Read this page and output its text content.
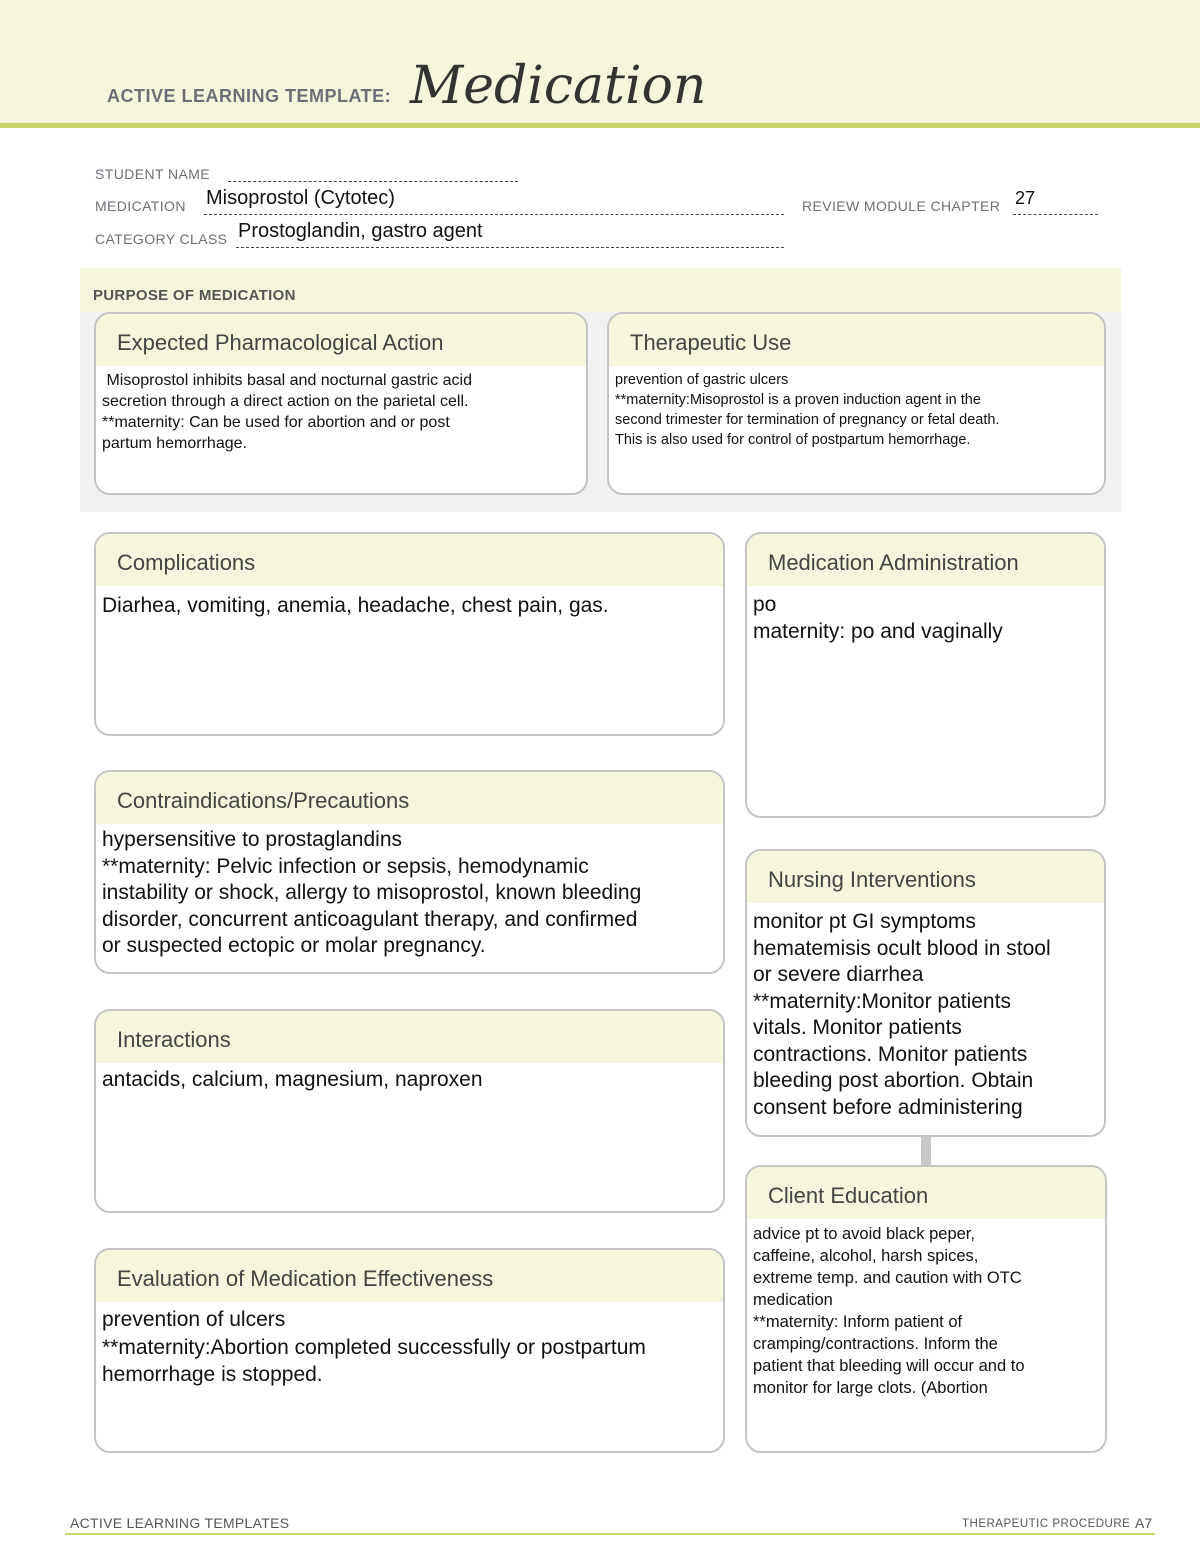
ACTIVE LEARNING TEMPLATE: Medication
STUDENT NAME
MEDICATION Misoprostol (Cytotec)	REVIEW MODULE CHAPTER 27
CATEGORY CLASS Prostoglandin, gastro agent
PURPOSE OF MEDICATION
Expected Pharmacological Action
Misoprostol inhibits basal and nocturnal gastric acid
secretion through a direct action on the parietal cell.
**maternity: Can be used for abortion and or post
partum hemorrhage.
Therapeutic Use
prevention of gastric ulcers
**maternity:Misoprostol is a proven induction agent in the
second trimester for termination of pregnancy or fetal death.
This is also used for control of postpartum hemorrhage.
Complications
Diarhea, vomiting, anemia, headache, chest pain, gas.
Medication Administration
po
maternity: po and vaginally
Contraindications/Precautions
hypersensitive to prostaglandins
**maternity: Pelvic infection or sepsis, hemodynamic
instability or shock, allergy to misoprostol, known bleeding
disorder, concurrent anticoagulant therapy, and confirmed
or suspected ectopic or molar pregnancy.
Nursing Interventions
monitor pt GI symptoms
hematemisis ocult blood in stool
or severe diarrhea
**maternity:Monitor patients
vitals. Monitor patients
contractions. Monitor patients
bleeding post abortion. Obtain
consent before administering
Interactions
antacids, calcium, magnesium, naproxen
Client Education
advice pt to avoid black peper,
caffeine, alcohol, harsh spices,
extreme temp. and caution with OTC
medication
**maternity: Inform patient of
cramping/contractions. Inform the
patient that bleeding will occur and to
monitor for large clots. (Abortion
Evaluation of Medication Effectiveness
prevention of ulcers
**maternity:Abortion completed successfully or postpartum
hemorrhage is stopped.
ACTIVE LEARNING TEMPLATES	THERAPEUTIC PROCEDURE A7
